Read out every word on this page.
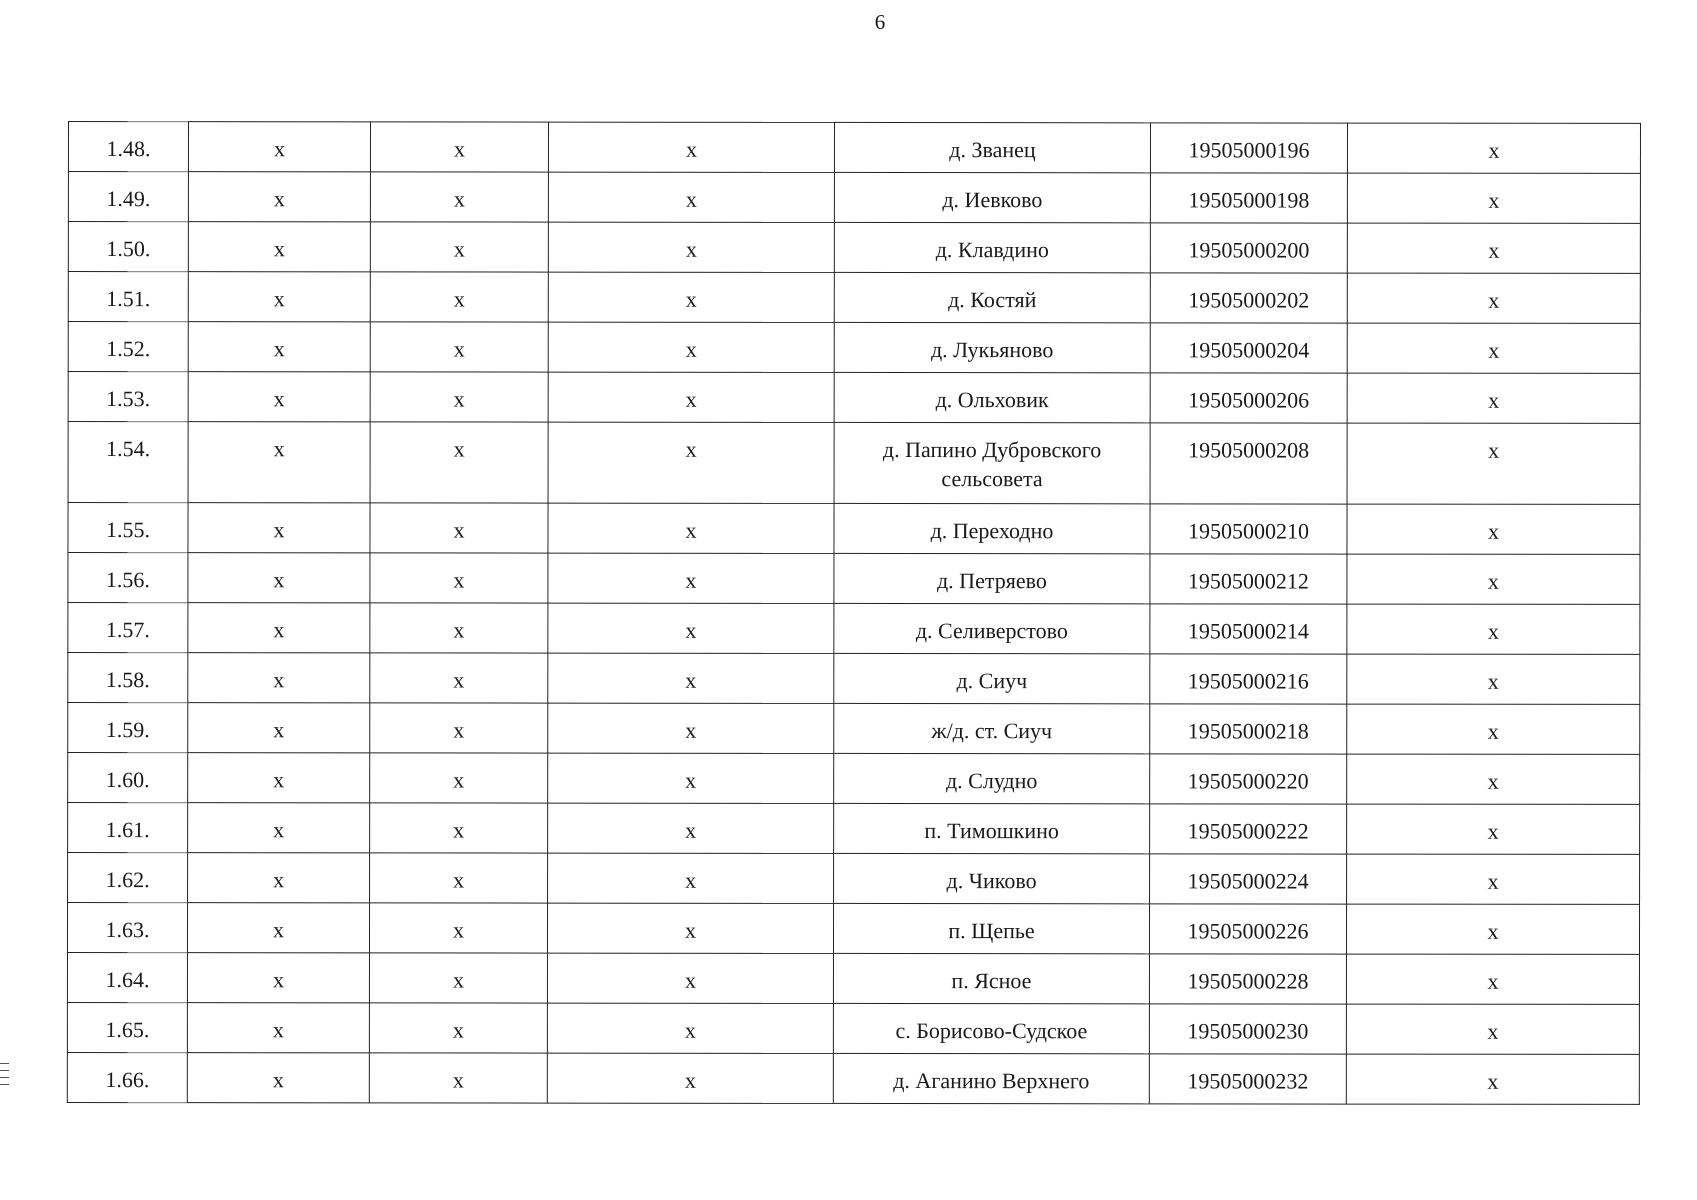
6
1.48.	х	х	х	д. Званец	19505000196	х
1.49.	х	х	х	д. Иевково	19505000198	х
1.50.	х	х	х	д. Клавдино	19505000200	х
1.51.	х	х	х	д. Костяй	19505000202	х
1.52.	х	х	х	д. Лукьяново	19505000204	х
1.53.	х	х	х	д. Ольховик	19505000206	х
1.54.	х	х	х	д. Папино Дубровского сельсовета	19505000208	х
1.55.	х	х	х	д. Переходно	19505000210	х
1.56.	х	х	х	д. Петряево	19505000212	х
1.57.	х	х	х	д. Селиверстово	19505000214	х
1.58.	х	х	х	д. Сиуч	19505000216	х
1.59.	х	х	х	ж/д. ст. Сиуч	19505000218	х
1.60.	х	х	х	д. Слудно	19505000220	х
1.61.	х	х	х	п. Тимошкино	19505000222	х
1.62.	х	х	х	д. Чиково	19505000224	х
1.63.	х	х	х	п. Щепье	19505000226	х
1.64.	х	х	х	п. Ясное	19505000228	х
1.65.	х	х	х	с. Борисово-Судское	19505000230	х
1.66.	х	х	х	д. Аганино Верхнего	19505000232	х
